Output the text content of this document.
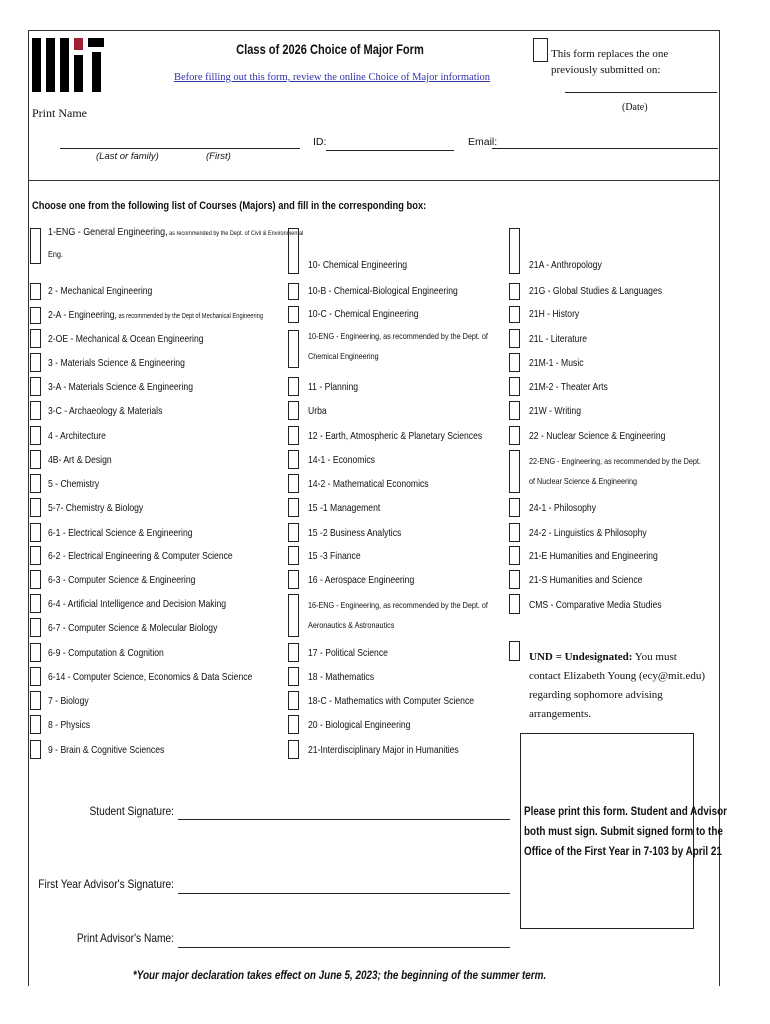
Class of 2026 Choice of Major Form
Before filling out this form, review the online Choice of Major information
This form replaces the one previously submitted on:
(Date)
Print Name
(Last or family)	(First)
ID:	Email:
Choose one from the following list of Courses (Majors) and fill in the corresponding box:
1-ENG - General Engineering, as recommended by the Dept. of Civil & Environmental
Eng.
2 - Mechanical Engineering
2-A - Engineering, as recommended by the Dept of Mechanical Engineering
2-OE - Mechanical & Ocean Engineering
3 - Materials Science & Engineering
3-A - Materials Science & Engineering
3-C - Archaeology & Materials
4 - Architecture
4B- Art & Design
5 - Chemistry
5-7- Chemistry & Biology
6-1 - Electrical Science & Engineering
6-2 - Electrical Engineering & Computer Science
6-3 - Computer Science & Engineering
6-4 - Artificial Intelligence and Decision Making
6-7 - Computer Science & Molecular Biology
6-9 - Computation & Cognition
6-14 - Computer Science, Economics & Data Science
7 - Biology
8 - Physics
9 - Brain & Cognitive Sciences
10- Chemical Engineering
10-B - Chemical-Biological Engineering
10-C - Chemical Engineering
10-ENG - Engineering, as recommended by the Dept. of
Chemical Engineering
11 - Planning
Urba
12 - Earth, Atmospheric & Planetary Sciences
14-1 - Economics
14-2 - Mathematical Economics
15 -1 Management
15 -2 Business Analytics
15 -3 Finance
16 - Aerospace Engineering
16-ENG - Engineering, as recommended by the Dept. of
Aeronautics & Astronautics
17 - Political Science
18 - Mathematics
18-C - Mathematics with Computer Science
20 - Biological Engineering
21-Interdisciplinary Major in Humanities
21A - Anthropology
21G - Global Studies & Languages
21H - History
21L - Literature
21M-1 - Music
21M-2 - Theater Arts
21W - Writing
22 - Nuclear Science & Engineering
22-ENG - Engineering, as recommended by the Dept.
of Nuclear Science & Engineering
24-1 - Philosophy
24-2 - Linguistics & Philosophy
21-E Humanities and Engineering
21-S Humanities and Science
CMS - Comparative Media Studies
UND = Undesignated: You must contact Elizabeth Young (ecy@mit.edu) regarding sophomore advising arrangements.
Please print this form. Student and Advisor
both must sign. Submit signed form to the
Office of the First Year in 7-103 by April 21
Student Signature:
First Year Advisor's Signature:
Print Advisor's Name:
*Your major declaration takes effect on June 5, 2023; the beginning of the summer term.
